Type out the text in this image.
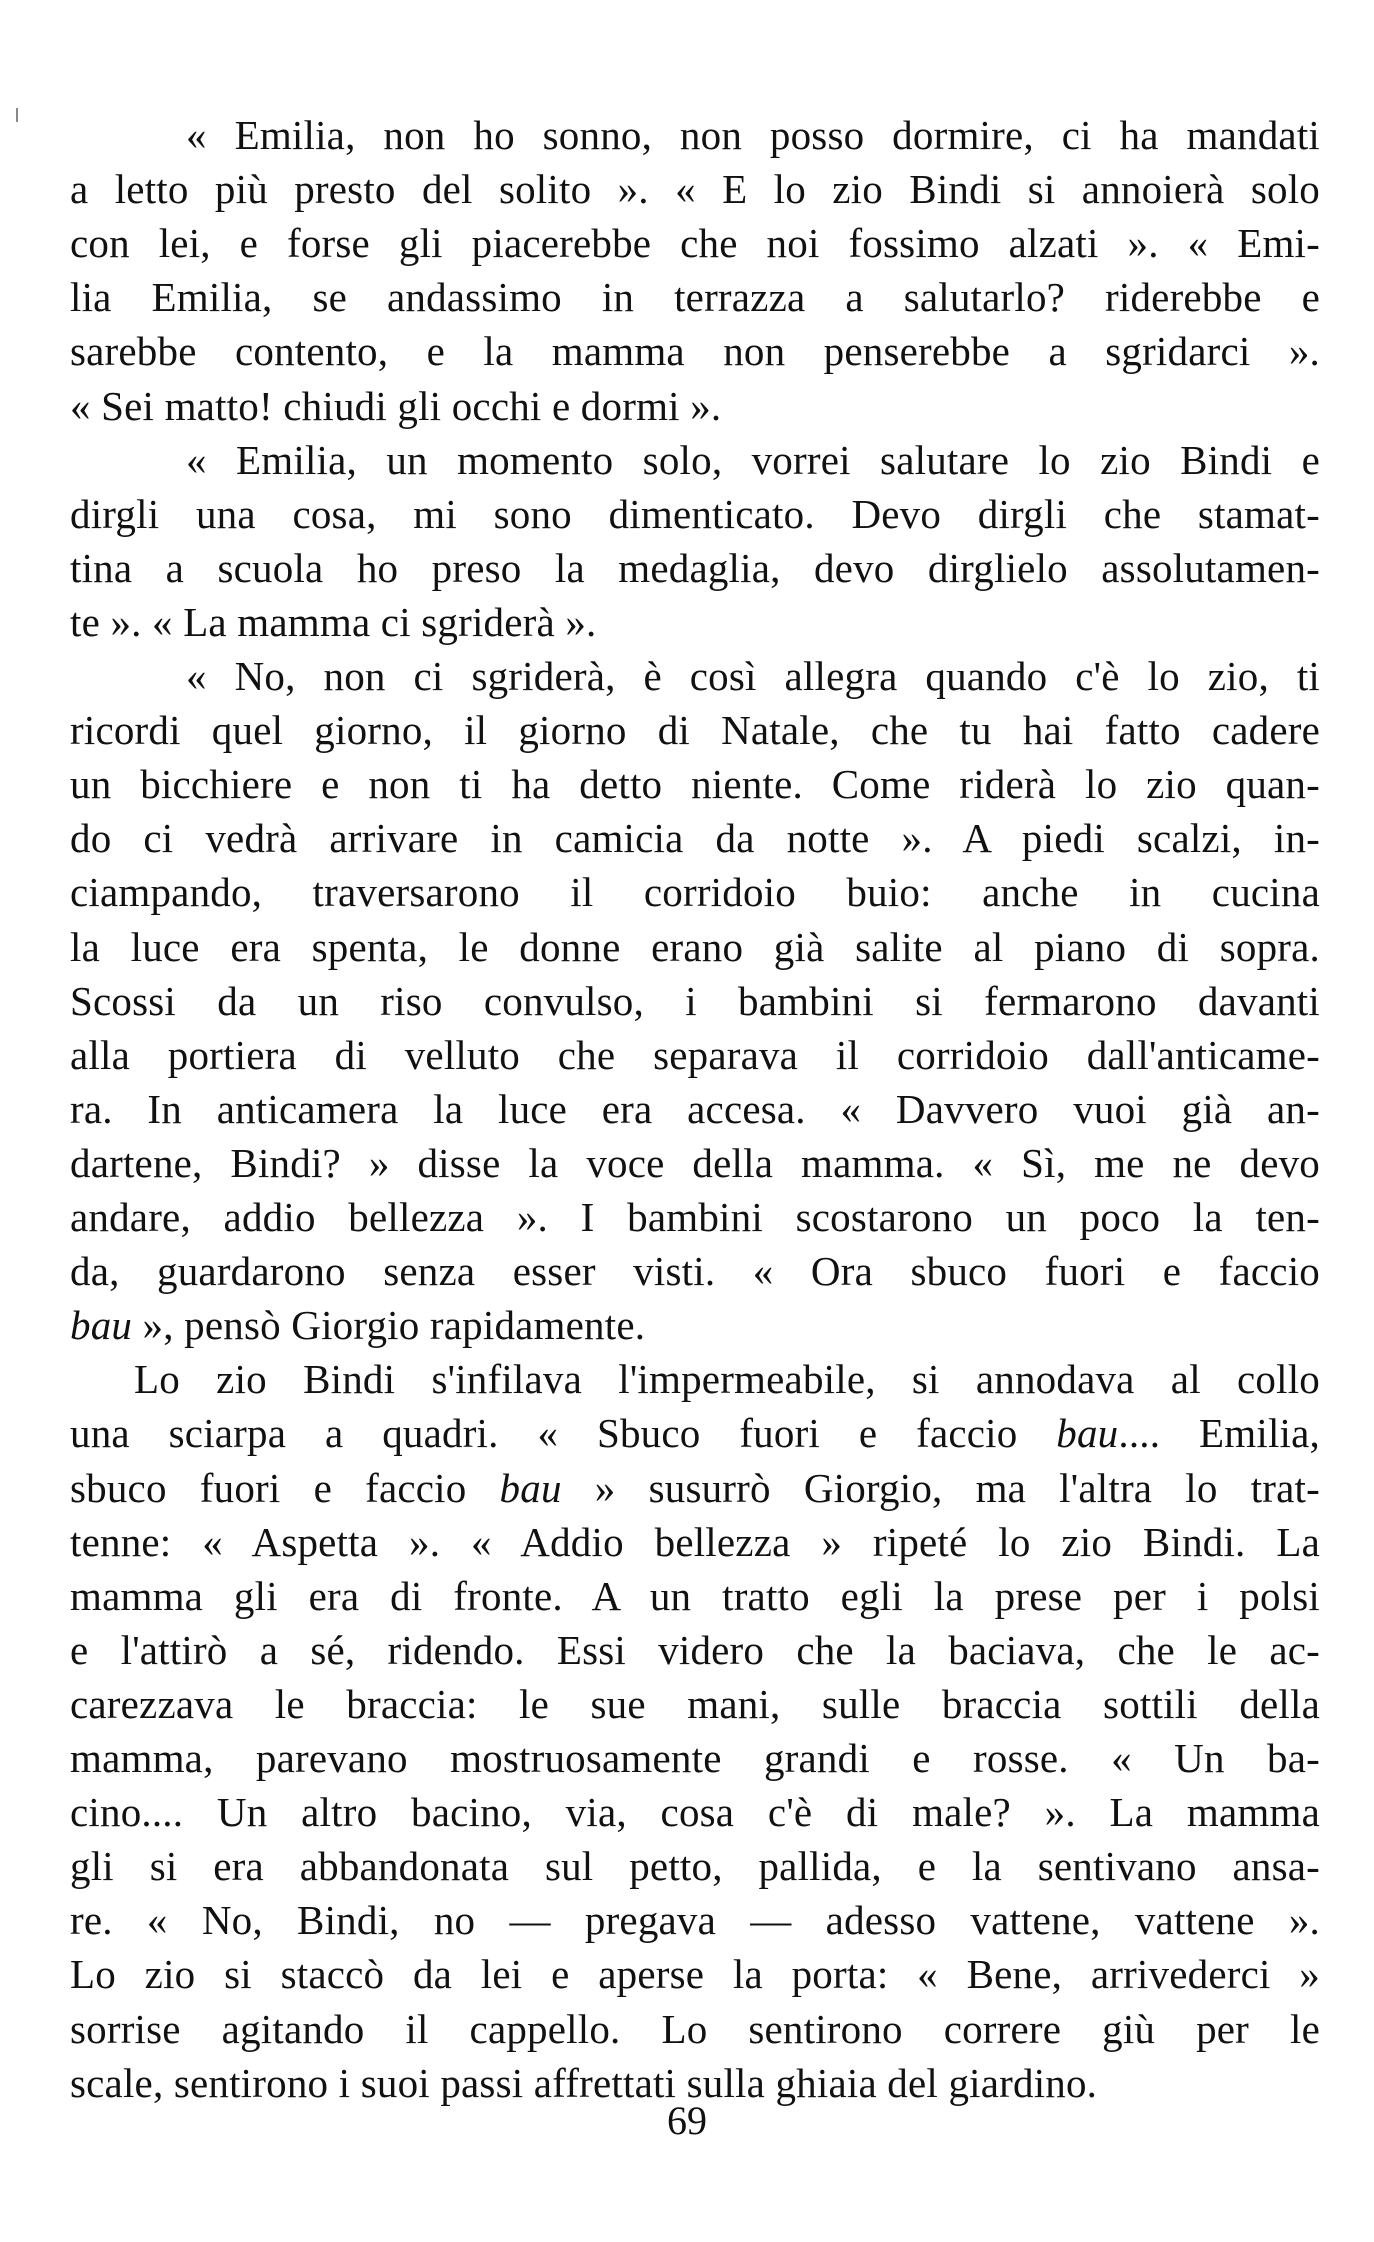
« Emilia, non ho sonno, non posso dormire, ci ha mandati
a letto più presto del solito ». « E lo zio Bindi si annoierà solo
con lei, e forse gli piacerebbe che noi fossimo alzati ». « Emi-
lia Emilia, se andassimo in terrazza a salutarlo? riderebbe e
sarebbe contento, e la mamma non penserebbe a sgridarci ».
« Sei matto! chiudi gli occhi e dormi ».
« Emilia, un momento solo, vorrei salutare lo zio Bindi e
dirgli una cosa, mi sono dimenticato. Devo dirgli che stamat-
tina a scuola ho preso la medaglia, devo dirglielo assolutamen-
te ». « La mamma ci sgriderà ».
« No, non ci sgriderà, è così allegra quando c'è lo zio, ti
ricordi quel giorno, il giorno di Natale, che tu hai fatto cadere
un bicchiere e non ti ha detto niente. Come riderà lo zio quan-
do ci vedrà arrivare in camicia da notte ». A piedi scalzi, in-
ciampando, traversarono il corridoio buio: anche in cucina
la luce era spenta, le donne erano già salite al piano di sopra.
Scossi da un riso convulso, i bambini si fermarono davanti
alla portiera di velluto che separava il corridoio dall'anticame-
ra. In anticamera la luce era accesa. « Davvero vuoi già an-
dartene, Bindi? » disse la voce della mamma. « Sì, me ne devo
andare, addio bellezza ». I bambini scostarono un poco la ten-
da, guardarono senza esser visti. « Ora sbuco fuori e faccio
bau », pensò Giorgio rapidamente.
Lo zio Bindi s'infilava l'impermeabile, si annodava al collo
una sciarpa a quadri. « Sbuco fuori e faccio bau.... Emilia,
sbuco fuori e faccio bau » susurrò Giorgio, ma l'altra lo trat-
tenne: « Aspetta ». « Addio bellezza » ripeté lo zio Bindi. La
mamma gli era di fronte. A un tratto egli la prese per i polsi
e l'attirò a sé, ridendo. Essi videro che la baciava, che le ac-
carezzava le braccia: le sue mani, sulle braccia sottili della
mamma, parevano mostruosamente grandi e rosse. « Un ba-
cino.... Un altro bacino, via, cosa c'è di male? ». La mamma
gli si era abbandonata sul petto, pallida, e la sentivano ansa-
re. « No, Bindi, no — pregava — adesso vattene, vattene ».
Lo zio si staccò da lei e aperse la porta: « Bene, arrivederci »
sorrise agitando il cappello. Lo sentirono correre giù per le
scale, sentirono i suoi passi affrettati sulla ghiaia del giardino.
69
